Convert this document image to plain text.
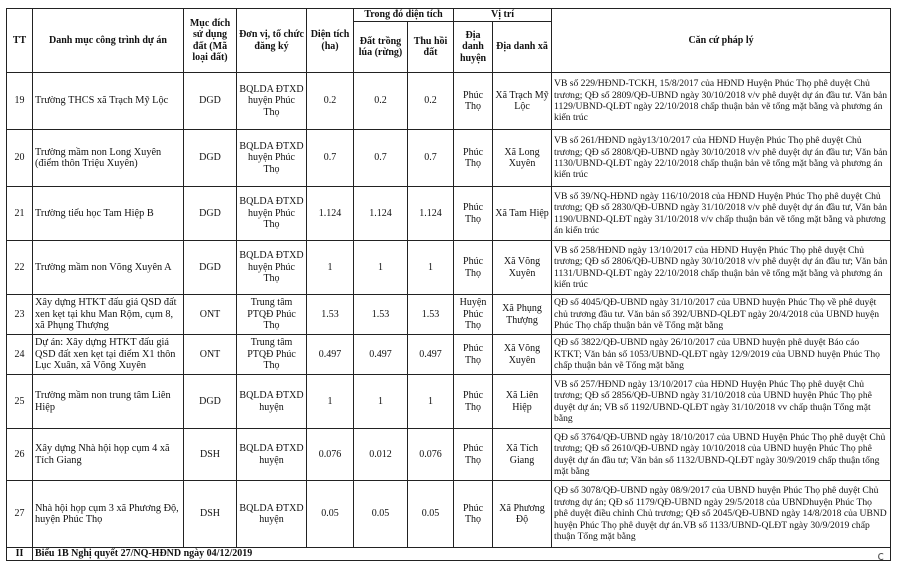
TT	Danh mục công trình dự án	Mục đích sử dụng đất (Mã loại đất)	Đơn vị, tổ chức đăng ký	Diện tích (ha)	Trong đó diện tích		Vị trí		Căn cứ pháp lý
					Đất trồng lúa (rừng)	Thu hồi đất	Địa danh huyện	Địa danh xã	
19	Trường THCS xã Trạch Mỹ Lộc	DGD	BQLDA ĐTXD huyện Phúc Thọ	0.2	0.2	0.2	Phúc Thọ	Xã Trạch Mỹ Lộc	VB số 229/HĐND-TCKH, 15/8/2017 của HĐND Huyện Phúc Thọ phê duyệt Chủ trương; QĐ số 2809/QĐ-UBND ngày 30/10/2018 v/v phê duyệt dự án đầu tư. Văn bản 1129/UBND-QLĐT ngày 22/10/2018 chấp thuận bản vẽ tổng mặt bằng và phương án kiến trúc
20	Trường mầm non Long Xuyên (điểm thôn Triệu Xuyên)	DGD	BQLDA ĐTXD huyện Phúc Thọ	0.7	0.7	0.7	Phúc Thọ	Xã Long Xuyên	VB số 261/HĐND ngày13/10/2017 của HĐND Huyện Phúc Thọ phê duyệt Chủ trương; QĐ số 2808/QĐ-UBND ngày 30/10/2018 v/v phê duyệt dự án đầu tư; Văn bản 1130/UBND-QLĐT ngày 22/10/2018 chấp thuận bản vẽ tổng mặt bằng và phương án kiến trúc
21	Trường tiểu học Tam Hiệp B	DGD	BQLDA ĐTXD huyện Phúc Thọ	1.124	1.124	1.124	Phúc Thọ	Xã Tam Hiệp	VB số 39/NQ-HĐND ngày 116/10/2018 của HĐND Huyện Phúc Thọ phê duyệt Chủ trương; QĐ số 2830/QĐ-UBND ngày 31/10/2018 v/v phê duyệt dự án đầu tư, Văn bản 1190/UBND-QLĐT ngày 31/10/2018 v/v chấp thuận bản vẽ tổng mặt bằng và phương án kiến trúc
22	Trường mầm non Võng Xuyên A	DGD	BQLDA ĐTXD huyện Phúc Thọ	1	1	1	Phúc Thọ	Xã Võng Xuyên	VB số 258/HĐND ngày 13/10/2017 của HĐND Huyện Phúc Thọ phê duyệt Chủ trương; QĐ số 2806/QĐ-UBND ngày 30/10/2018 v/v phê duyệt dự án đầu tư; Văn bản 1131/UBND-QLĐT ngày 22/10/2018 chấp thuận bản vẽ tổng mặt bằng và phương án kiến trúc
23	Xây dựng HTKT đấu giá QSD đất xen kẹt tại khu Man Rộm, cụm 8, xã Phụng Thượng	ONT	Trung tâm PTQĐ Phúc Thọ	1.53	1.53	1.53	Huyện Phúc Thọ	Xã Phụng Thượng	QĐ số 4045/QĐ-UBND ngày 31/10/2017 của UBND huyện Phúc Thọ về phê duyệt chủ trương đầu tư. Văn bản số 392/UBND-QLĐT ngày 20/4/2018 của UBND huyện Phúc Thọ chấp thuận bản vẽ Tổng mặt bằng
24	Dự án: Xây dựng HTKT đấu giá QSD đất xen kẹt tại điểm X1 thôn Lục Xuân, xã Võng Xuyên	ONT	Trung tâm PTQĐ Phúc Thọ	0.497	0.497	0.497	Phúc Thọ	Xã Võng Xuyên	QĐ số 3822/QĐ-UBND ngày 26/10/2017 của UBND huyện phê duyệt Báo cáo KTKT; Văn bản số 1053/UBND-QLĐT ngày 12/9/2019 của UBND huyện Phúc Thọ chấp thuận bản vẽ Tổng mặt bằng
25	Trường mầm non trung tâm Liên Hiệp	DGD	BQLDA ĐTXD huyện	1	1	1	Phúc Thọ	Xã Liên Hiệp	VB số 257/HĐND ngày 13/10/2017 của HĐND Huyện Phúc Thọ phê duyệt Chủ trương; QĐ số 2856/QĐ-UBND ngày 31/10/2018 của UBND huyện Phúc Thọ phê duyệt dự án; VB số 1192/UBND-QLĐT ngày 31/10/2018 vv chấp thuận Tổng mặt bằng
26	Xây dựng Nhà hội họp cụm 4 xã Tích Giang	DSH	BQLDA ĐTXD huyện	0.076	0.012	0.076	Phúc Thọ	Xã Tích Giang	QĐ số 3764/QĐ-UBND ngày 18/10/2017 của UBND Huyện Phúc Thọ phê duyệt Chủ trương; QĐ số 2610/QĐ-UBND ngày 10/10/2018 của UBND huyện Phúc Thọ phê duyệt dự án đầu tư; Văn bản số 1132/UBND-QLĐT ngày 30/9/2019 chấp thuận tổng mặt bằng
27	Nhà hội họp cụm 3 xã Phương Độ, huyện Phúc Thọ	DSH	BQLDA ĐTXD huyện	0.05	0.05	0.05	Phúc Thọ	Xã Phương Độ	QĐ số 3078/QĐ-UBND ngày 08/9/2017 của UBND huyện Phúc Thọ phê duyệt Chủ trương dự án; QĐ số 1179/QĐ-UBND ngày 29/5/2018 của UBNDhuyện Phúc Thọ phê duyệt điều chỉnh Chủ trương; QĐ số 2045/QĐ-UBND ngày 14/8/2018 của UBND huyện Phúc Thọ phê duyệt dự án.VB số 1133/UBND-QLĐT ngày 30/9/2019 chấp thuận Tổng mặt bằng
II	Biểu 1B Nghị quyết 27/NQ-HĐND ngày 04/12/2019									c
